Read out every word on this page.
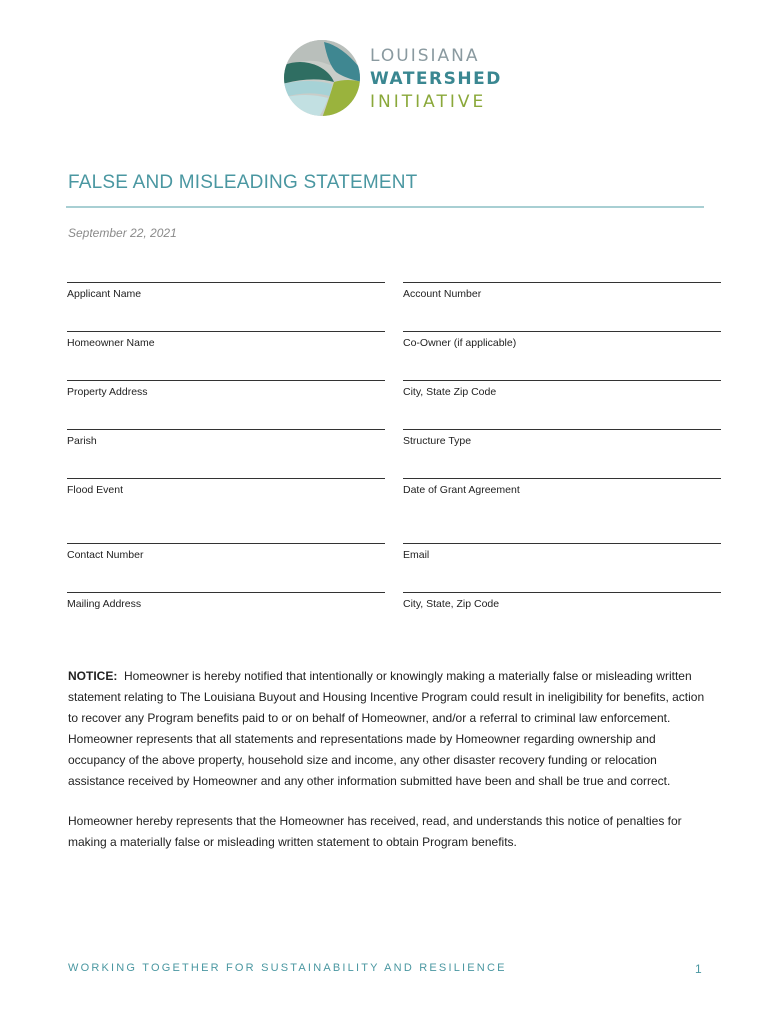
LOUISIANA
WATERSHED
INITIATIVE
FALSE AND MISLEADING STATEMENT
September 22, 2021
Applicant Name	Account Number
Homeowner Name	Co-Owner (if applicable)
Property Address	City, State Zip Code
Parish	Structure Type
Flood Event	Date of Grant Agreement
Contact Number	Email
Mailing Address	City, State, Zip Code

NOTICE: Homeowner is hereby notified that intentionally or knowingly making a materially false or misleading written statement relating to The Louisiana Buyout and Housing Incentive Program could result in ineligibility for benefits, action to recover any Program benefits paid to or on behalf of Homeowner, and/or a referral to criminal law enforcement.

Homeowner represents that all statements and representations made by Homeowner regarding ownership and occupancy of the above property, household size and income, any other disaster recovery funding or relocation assistance received by Homeowner and any other information submitted have been and shall be true and correct.

Homeowner hereby represents that the Homeowner has received, read, and understands this notice of penalties for making a materially false or misleading written statement to obtain Program benefits.

WORKING TOGETHER FOR SUSTAINABILITY AND RESILIENCE	1
